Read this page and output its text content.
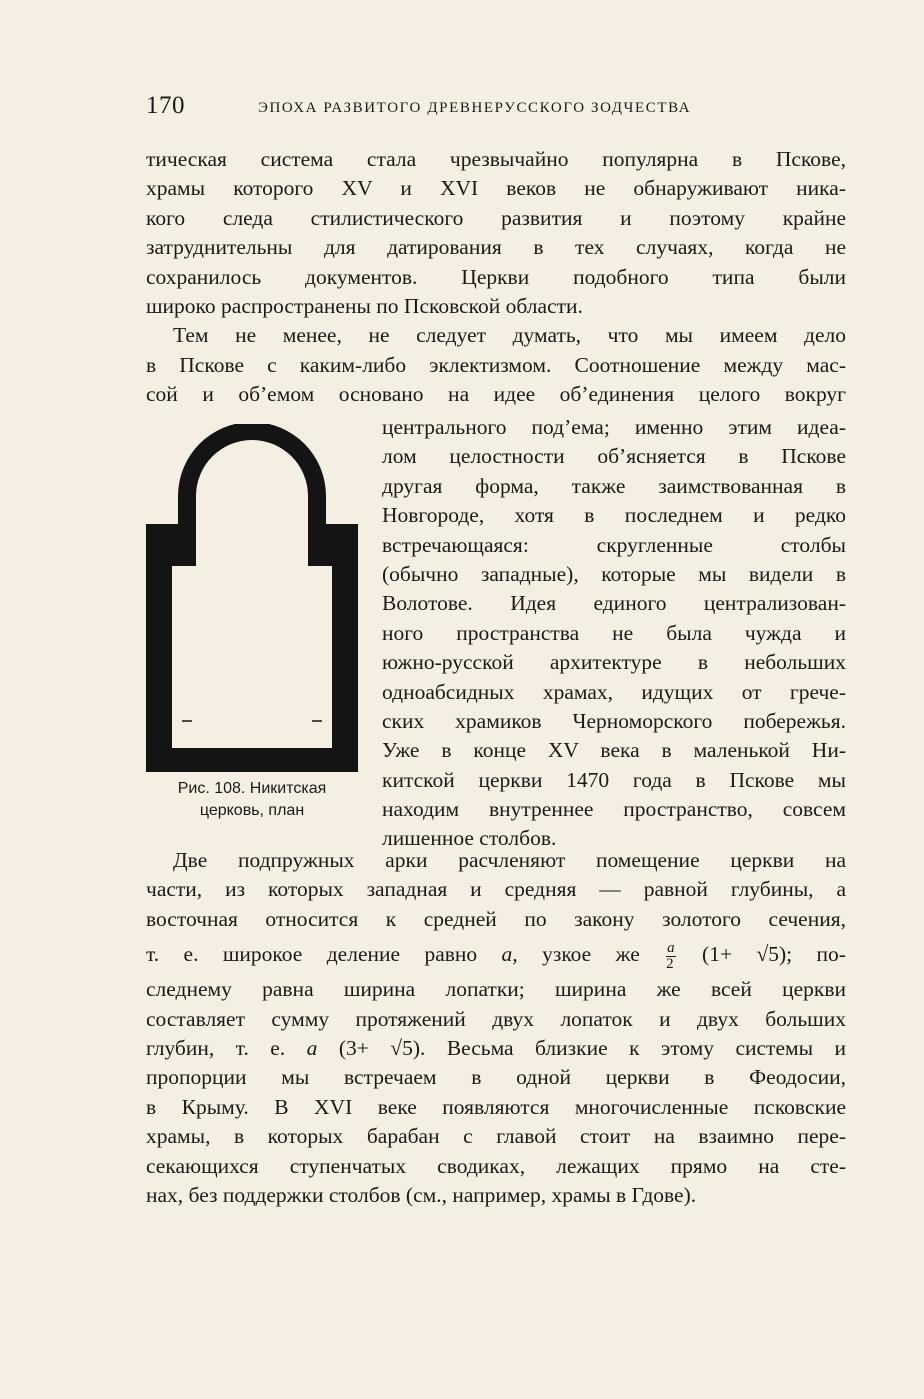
170	ЭПОХА РАЗВИТОГО ДРЕВНЕРУССКОГО ЗОДЧЕСТВА
тическая система стала чрезвычайно популярна в Пскове,
храмы которого XV и XVI веков не обнаруживают ника-
кого следа стилистического развития и поэтому крайне
затруднительны для датирования в тех случаях, когда не
сохранилось документов. Церкви подобного типа были
широко распространены по Псковской области.
Тем не менее, не следует думать, что мы имеем дело
в Пскове с каким-либо эклектизмом. Соотношение между мас-
сой и об’емом основано на идее об’единения целого вокруг
Рис. 108. Никитская
церковь, план
центрального под’ема; именно этим идеа-
лом целостности об’ясняется в Пскове
другая форма, также заимствованная в
Новгороде, хотя в последнем и редко
встречающаяся: скругленные столбы
(обычно западные), которые мы видели в
Волотове. Идея единого централизован-
ного пространства не была чужда и
южно-русской архитектуре в небольших
одноабсидных храмах, идущих от грече-
ских храмиков Черноморского побережья.
Уже в конце XV века в маленькой Ни-
китской церкви 1470 года в Пскове мы
находим внутреннее пространство, совсем
лишенное столбов.
Две подпружных арки расчленяют помещение церкви на
части, из которых западная и средняя — равной глубины, а
восточная относится к средней по закону золотого сечения,
т. е. широкое деление равно a, узкое же $\frac{a}{2} (1+ √5)$; по-
следнему равна ширина лопатки; ширина же всей церкви
составляет сумму протяжений двух лопаток и двух больших
глубин, т. е. a (3+ √5). Весьма близкие к этому системы и
пропорции мы встречаем в одной церкви в Феодосии,
в Крыму. В XVI веке появляются многочисленные псковские
храмы, в которых барабан с главой стоит на взаимно пере-
секающихся ступенчатых сводиках, лежащих прямо на сте-
нах, без поддержки столбов (см., например, храмы в Гдове).
